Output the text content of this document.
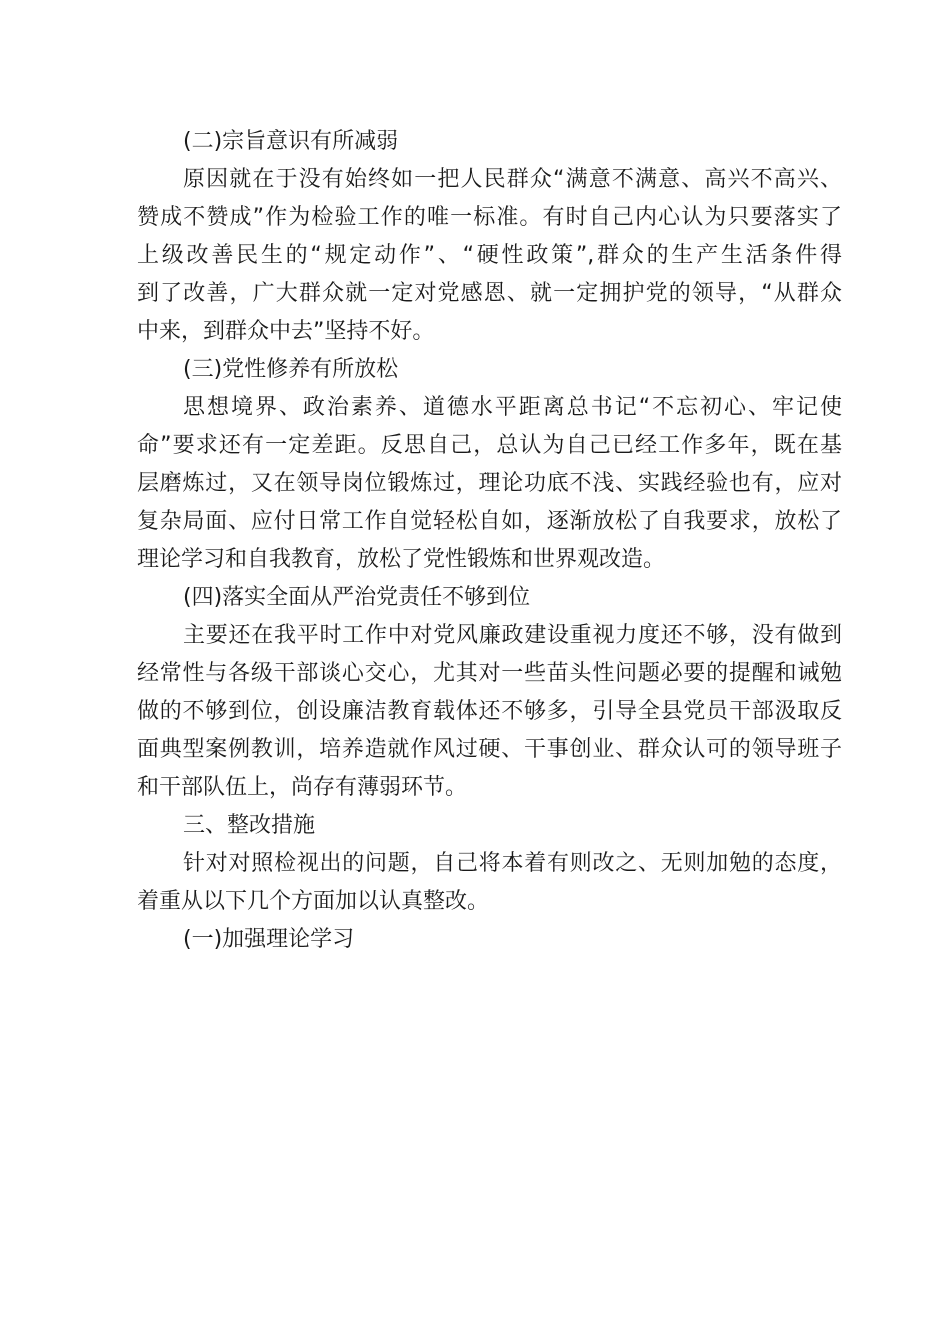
(二)宗旨意识有所减弱
原因就在于没有始终如一把人民群众“满意不满意、高兴不高兴、
赞成不赞成”作为检验工作的唯一标准。有时自己内心认为只要落实了
上级改善民生的“规定动作”、“硬性政策”,群众的生产生活条件得
到了改善，广大群众就一定对党感恩、就一定拥护党的领导，“从群众
中来，到群众中去”坚持不好。
(三)党性修养有所放松
思想境界、政治素养、道德水平距离总书记“不忘初心、牢记使
命”要求还有一定差距。反思自己，总认为自己已经工作多年，既在基
层磨炼过，又在领导岗位锻炼过，理论功底不浅、实践经验也有，应对
复杂局面、应付日常工作自觉轻松自如，逐渐放松了自我要求，放松了
理论学习和自我教育，放松了党性锻炼和世界观改造。
(四)落实全面从严治党责任不够到位
主要还在我平时工作中对党风廉政建设重视力度还不够，没有做到
经常性与各级干部谈心交心，尤其对一些苗头性问题必要的提醒和诫勉
做的不够到位，创设廉洁教育载体还不够多，引导全县党员干部汲取反
面典型案例教训，培养造就作风过硬、干事创业、群众认可的领导班子
和干部队伍上，尚存有薄弱环节。
三、整改措施
针对对照检视出的问题，自己将本着有则改之、无则加勉的态度，
着重从以下几个方面加以认真整改。
(一)加强理论学习
